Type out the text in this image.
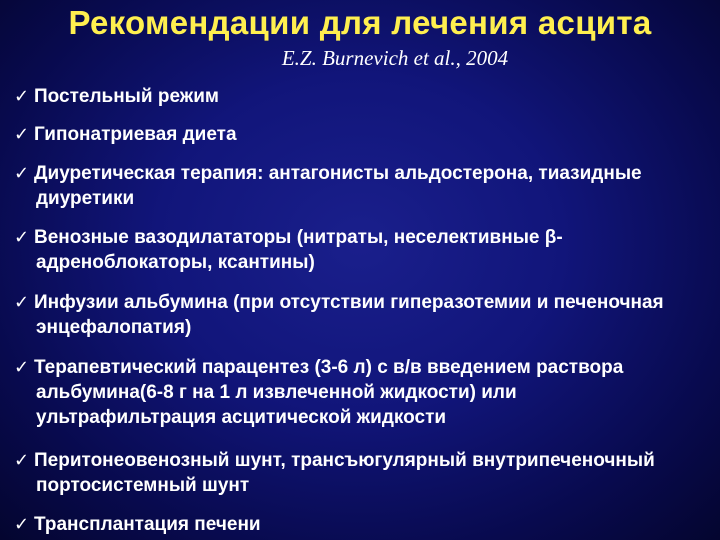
Рекомендации для лечения асцита
E.Z. Burnevich et al., 2004
✓ Постельный режим
✓ Гипонатриевая диета
✓ Диуретическая терапия: антагонисты альдостерона, тиазидные
диуретики
✓ Венозные вазодилататоры (нитраты, неселективные β-
адреноблокаторы, ксантины)
✓ Инфузии альбумина (при отсутствии гиперазотемии и печеночная
энцефалопатия)
✓ Терапевтический парацентез (3-6 л) с в/в введением раствора
альбумина(6-8 г на 1 л извлеченной жидкости) или
ультрафильтрация асцитической жидкости
✓ Перитонеовенозный шунт, трансъюгулярный внутрипеченочный
портосистемный шунт
✓ Трансплантация печени
